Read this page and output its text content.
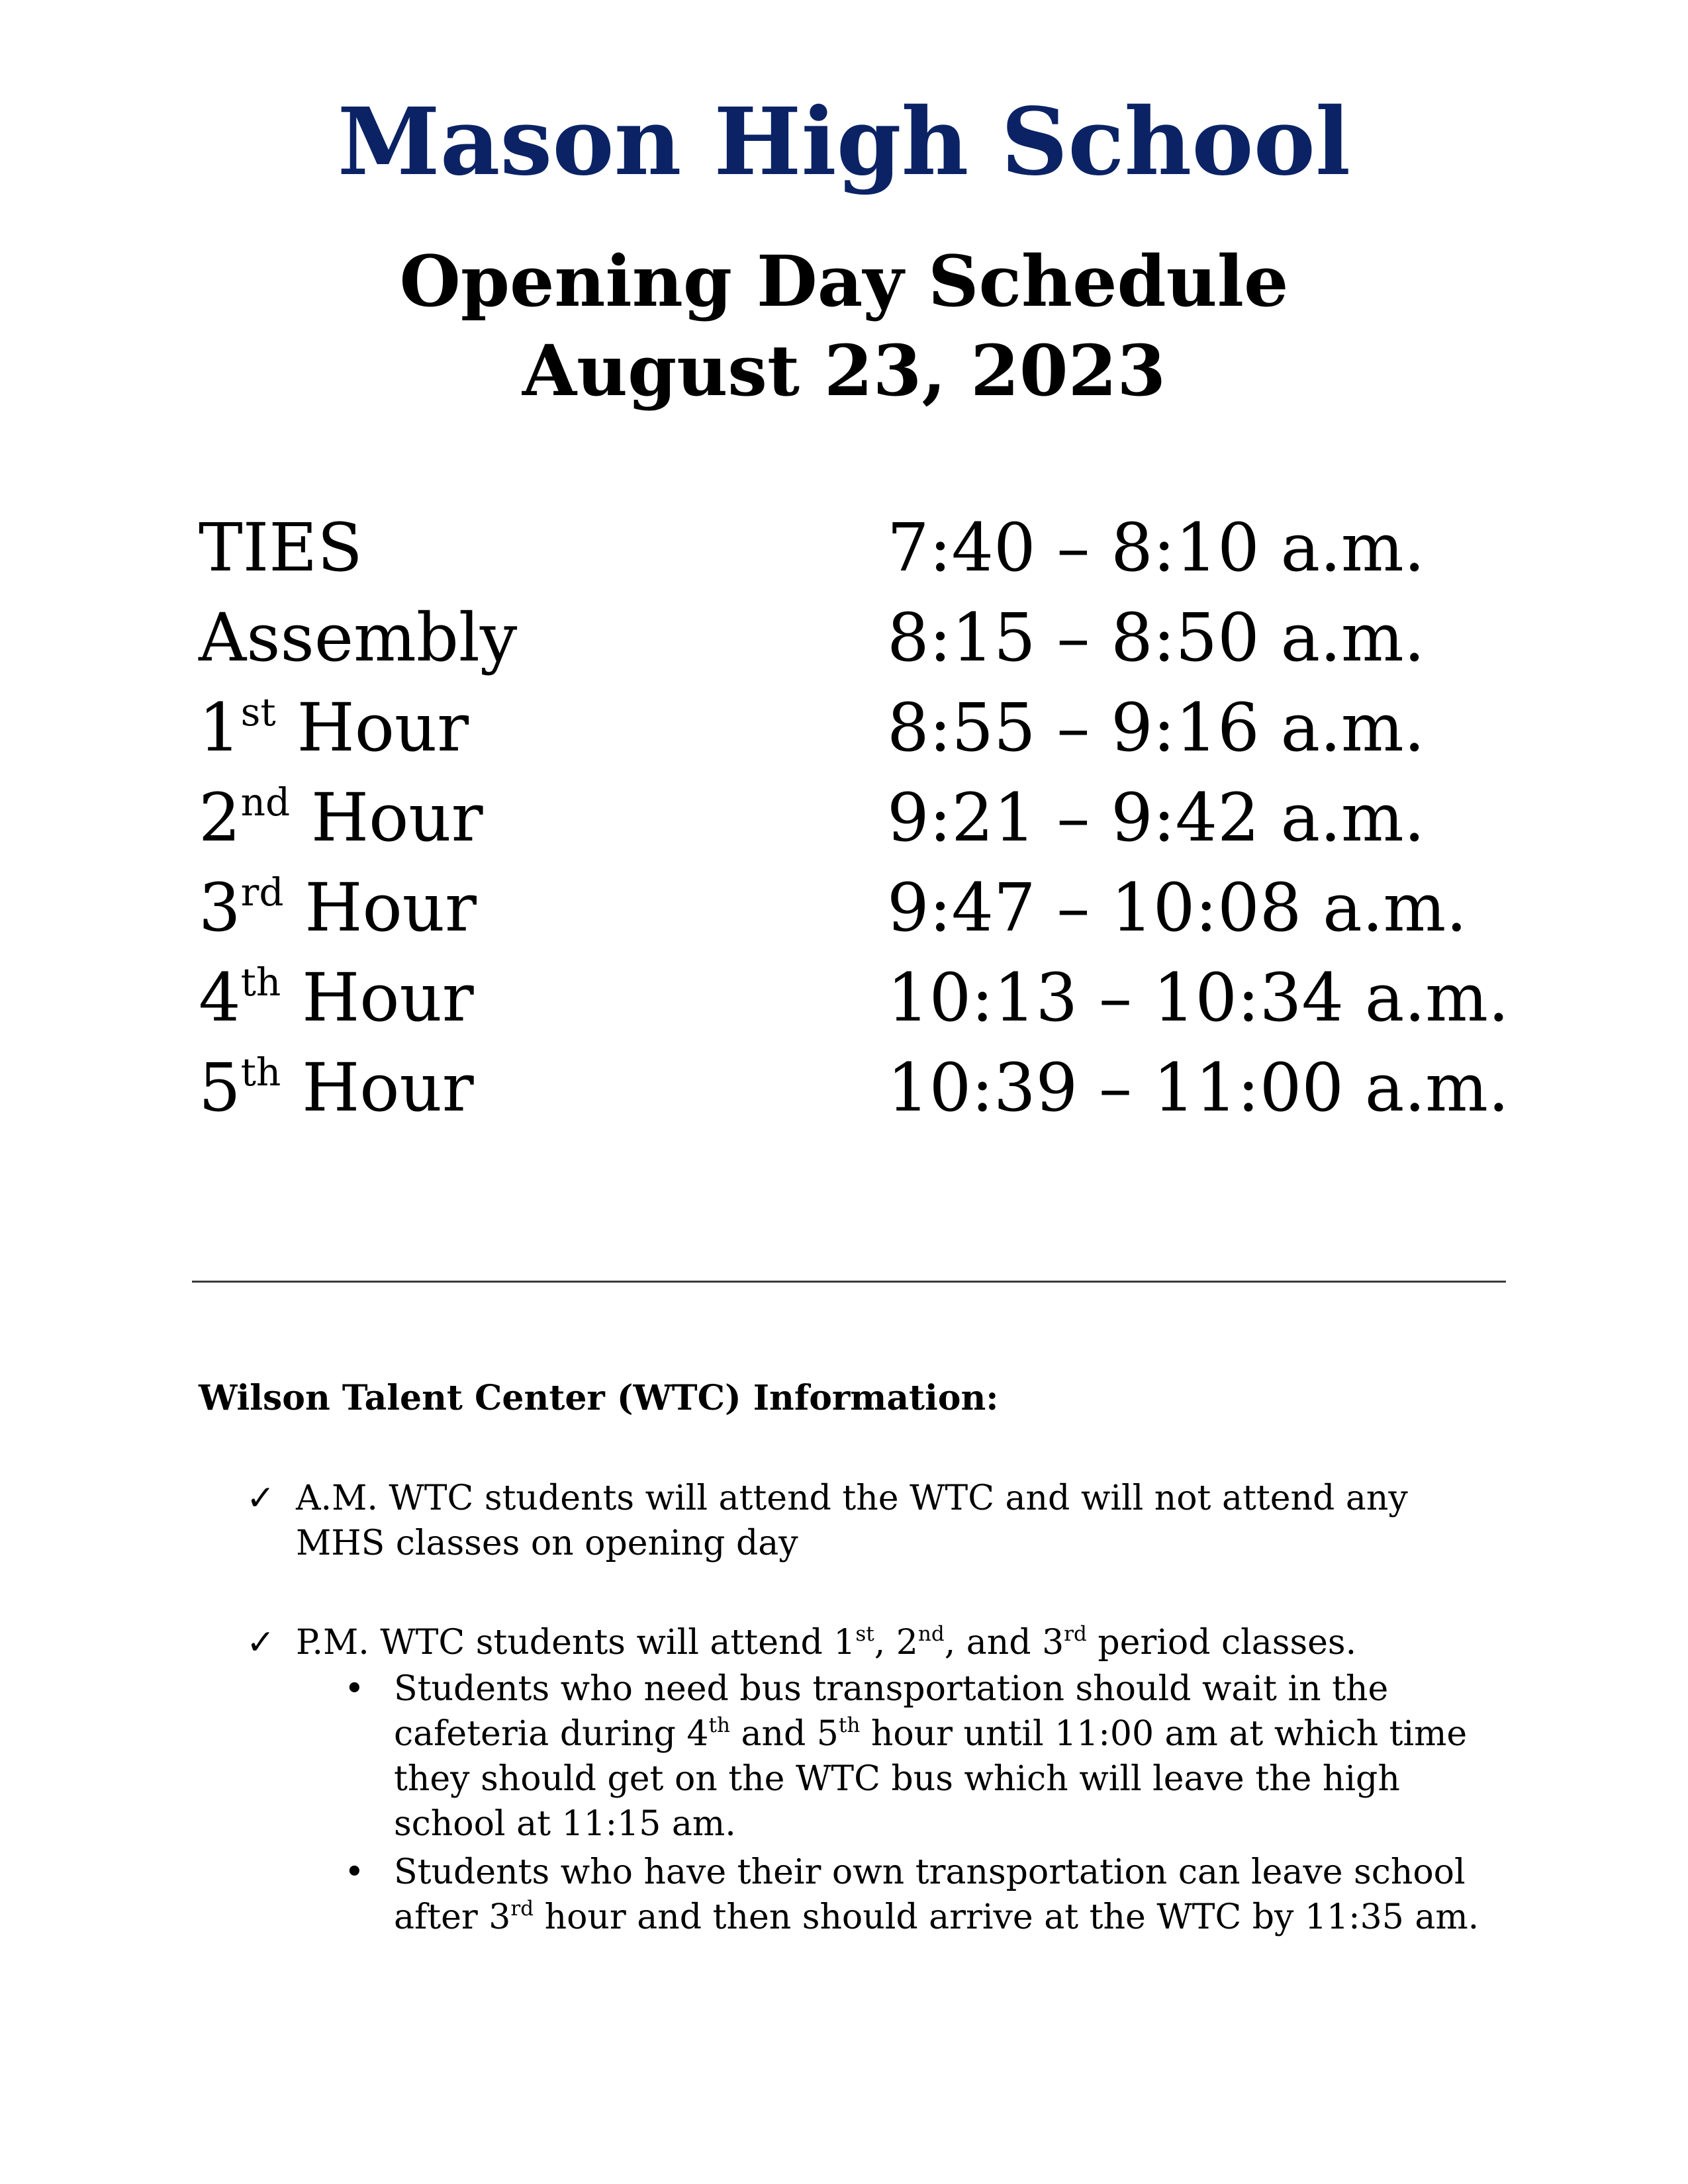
Mason High School
Opening Day Schedule
August 23, 2023
TIES	7:40 – 8:10 a.m.
Assembly	8:15 – 8:50 a.m.
1st Hour	8:55 – 9:16 a.m.
2nd Hour	9:21 – 9:42 a.m.
3rd Hour	9:47 – 10:08 a.m.
4th Hour	10:13 – 10:34 a.m.
5th Hour	10:39 – 11:00 a.m.
Wilson Talent Center (WTC) Information:
✓ A.M. WTC students will attend the WTC and will not attend any MHS classes on opening day
✓ P.M. WTC students will attend 1st, 2nd, and 3rd period classes.
• Students who need bus transportation should wait in the cafeteria during 4th and 5th hour until 11:00 am at which time they should get on the WTC bus which will leave the high school at 11:15 am.
• Students who have their own transportation can leave school after 3rd hour and then should arrive at the WTC by 11:35 am.
